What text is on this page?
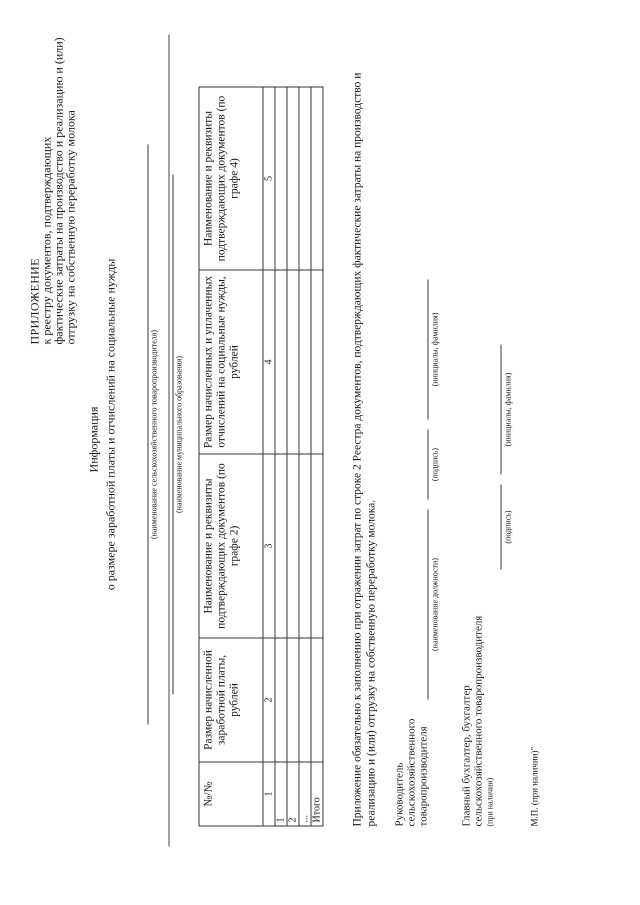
ПРИЛОЖЕНИЕ
к реестру документов, подтверждающих
фактические затраты на производство и реализацию и (или)
отгрузку на собственную переработку молока
Информация о размере заработной платы и отчислений на социальные нужды	(наименование сельскохозяйственного товаропроизводителя) (наименование муниципального образования)
№/№	Размер начисленной заработной платы, рублей	Наименование и реквизиты подтверждающих документов (по графе 2)	Размер начисленных и уплаченных отчислений на социальные нужды, рублей	Наименование и реквизиты подтверждающих документов (по графе 4)
1	2	3	4	5
1				
2				
...				
Итого					Приложение обязательно к заполнению при отражении затрат по строке 2 Реестра документов, подтверждающих фактические затраты на производство и реализацию и (или) отгрузку на собственную переработку молока. Руководитель сельскохозяйственного товаропроизводителя
(наименование должности)
(подпись)
(инициалы, фамилия)
Главный бухгалтер, бухгалтер сельскохозяйственного товаропроизводителя (при наличии)
(подпись)
(инициалы, фамилия)
М.П. (при наличии)"
